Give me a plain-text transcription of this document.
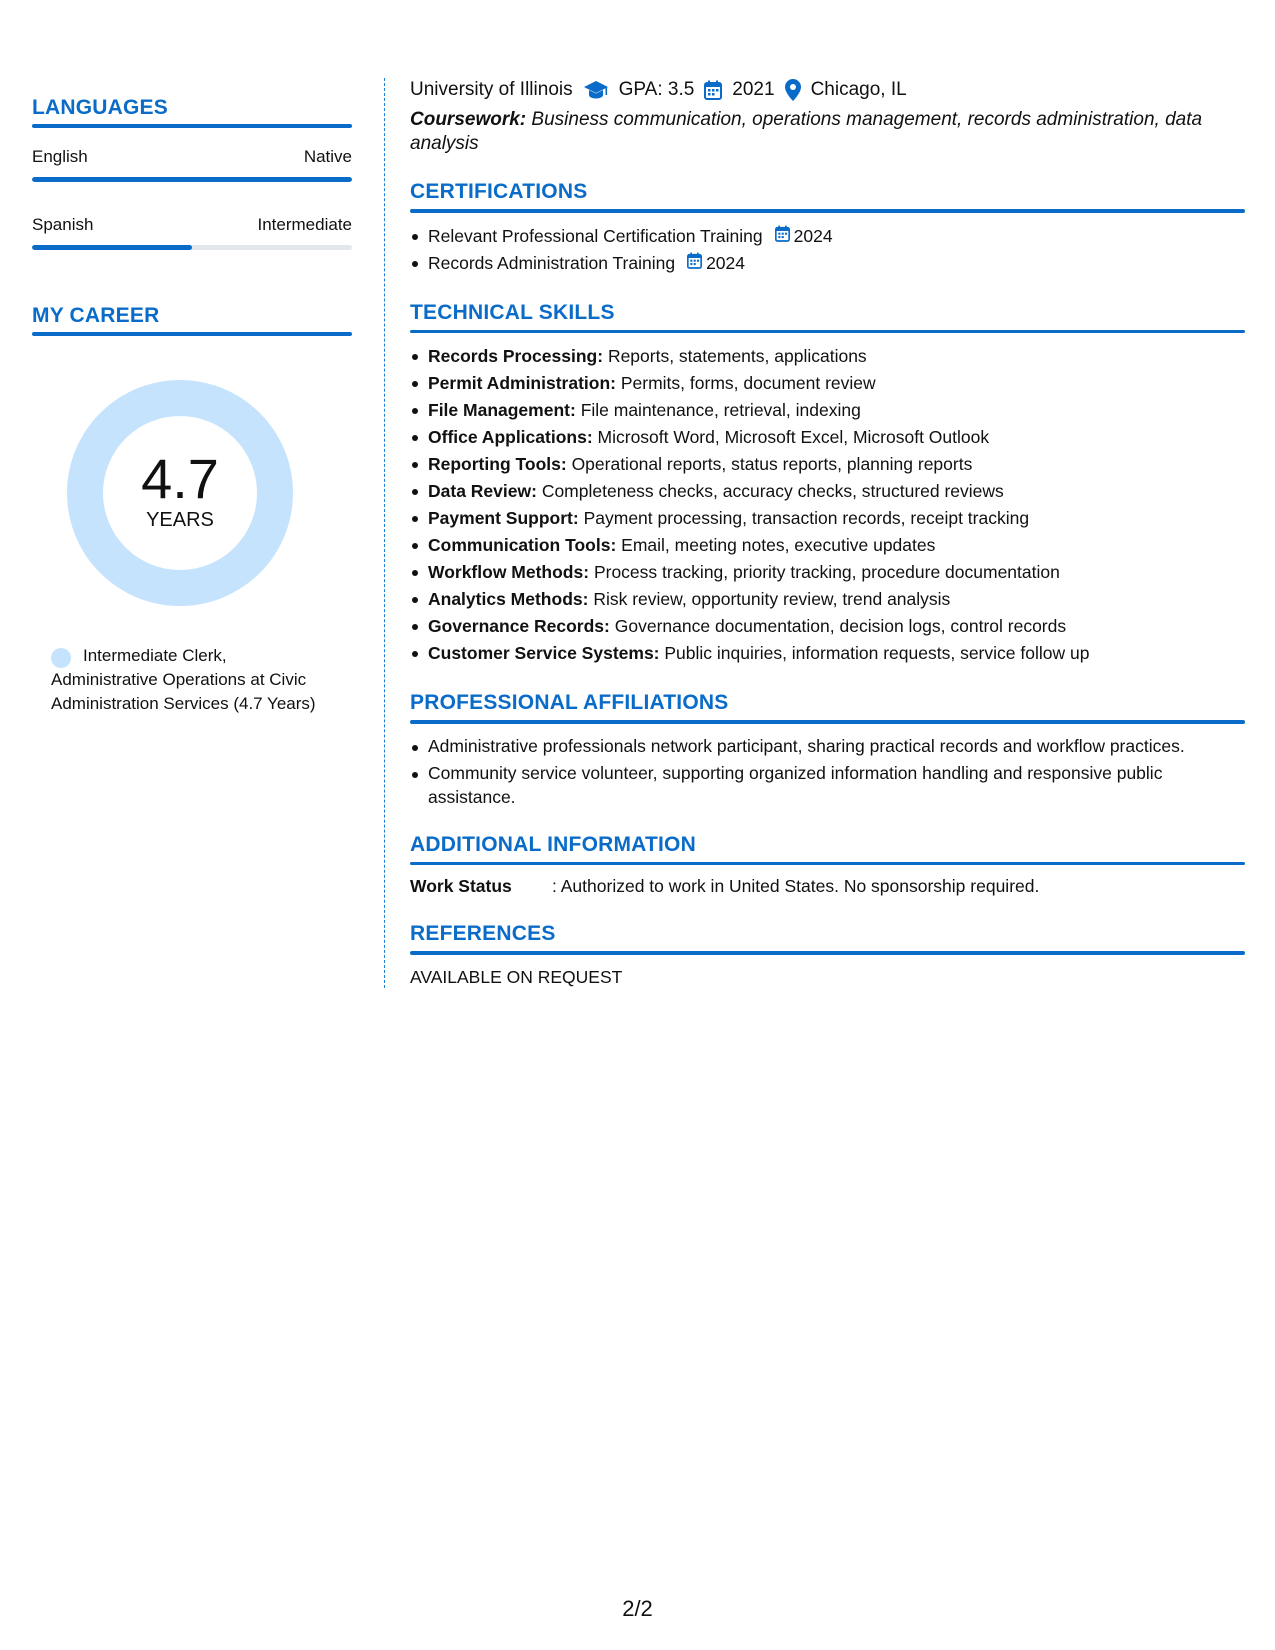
LANGUAGES
English	Native
Spanish	Intermediate
MY CAREER
4.7
YEARS
Intermediate Clerk, Administrative Operations at Civic Administration Services (4.7 Years)
University of Illinois GPA: 3.5 2021 Chicago, IL
Coursework: Business communication, operations management, records administration, data analysis
CERTIFICATIONS
Relevant Professional Certification Training 2024
Records Administration Training 2024
TECHNICAL SKILLS
Records Processing: Reports, statements, applications
Permit Administration: Permits, forms, document review
File Management: File maintenance, retrieval, indexing
Office Applications: Microsoft Word, Microsoft Excel, Microsoft Outlook
Reporting Tools: Operational reports, status reports, planning reports
Data Review: Completeness checks, accuracy checks, structured reviews
Payment Support: Payment processing, transaction records, receipt tracking
Communication Tools: Email, meeting notes, executive updates
Workflow Methods: Process tracking, priority tracking, procedure documentation
Analytics Methods: Risk review, opportunity review, trend analysis
Governance Records: Governance documentation, decision logs, control records
Customer Service Systems: Public inquiries, information requests, service follow up
PROFESSIONAL AFFILIATIONS
Administrative professionals network participant, sharing practical records and workflow practices.
Community service volunteer, supporting organized information handling and responsive public assistance.
ADDITIONAL INFORMATION
Work Status	: Authorized to work in United States. No sponsorship required.
REFERENCES
AVAILABLE ON REQUEST
2/2
